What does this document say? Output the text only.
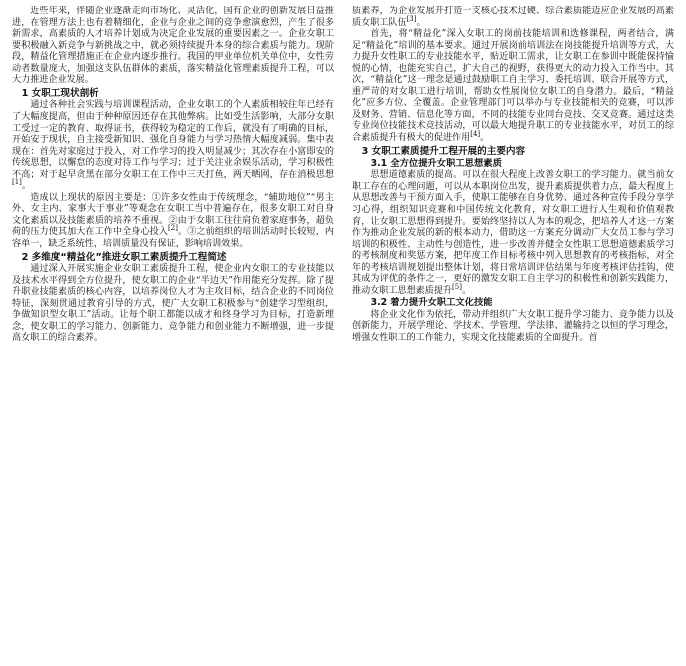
近些年来，伴随企业逐渐走向市场化、灵活化，国有企业的创新发展日益推进，在管理方法上也有着精细化，企业与企业之间的竞争愈演愈烈，产生了很多新需求，高素质的人才培养计划成为决定企业发展的重要因素之一。企业女职工要积极融入新竞争与新挑战之中，就必须持续提升本身的综合素质与能力。现阶段，精益化管理措施正在企业内逐步推行。我国的甲业单位机关单位中，女性劳动者数量庞大，加强这支队伍群体的素质，落实精益化管理素质提升工程，可以大力推进企业发展。

1 女职工现状剖析

通过各种社会实践与培训课程活动，企业女职工的个人素质相较往年已经有了大幅度提高，但由于种种原因还存在其他弊病。比如受生活影响，大部分女职工受过一定的教育、取得证书，获得较为稳定的工作后，就没有了明确的目标，开始安于现状，自主接受新知识、强化自身能力与学习热情大幅度减弱。集中表现在：首先对家庭过于投入，对工作学习的投入明显减少；其次存在小富即安的传统思想，以懈怠的态度对待工作与学习；过于关注业余娱乐活动，学习积极性不高；对于起早贪黑在部分女职工在工作中三天打鱼，两天晒网，存在消极思想[1]。

造成以上现状的原因主要是：①许多女性由于传统理念，“辅助地位”“男主外、女主内、家事大于事业”等观念在女职工当中普遍存在，很多女职工对自身文化素质以及技能素质的培养不重视。②由于女职工往往肩负着家庭事务，超负荷的压力使其加大在工作中全身心投入[2]。③之前组织的培训活动时长较短，内容单一，缺乏系统性，培训质量没有保证，影响培训效果。

2 多维度“精益化”推进女职工素质提升工程简述

通过深入开展实施企业女职工素质提升工程，使企业内女职工的专业技能以及技术水平得到全方位提升，使女职工的企业“半边天”作用能充分发挥。除了提升职业技能素质的核心内容，以培养岗位人才为主攻目标，结合企业的不同岗位特征，深刻贯通过教育引导的方式，使广大女职工积极参与“创建学习型组织，争做知识型女职工”活动。让每个职工都能以成才和终身学习为目标，打造新理念，使女职工的学习能力、创新能力、竞争能力和创业能力不断增强，进一步提高女职工的综合素养。

质素养，为企业发展开打造一支核心技术过硬、综合素质能迈应企业发展的高素质女职工队伍[3]。

首先，将“精益化”深入女职工的岗前技能培训和选修课程，两者结合，满足“精益化”培训的基本要求。通过开展岗前培训法在岗技能提升培训等方式，大力提升女性职工的专业技能水平，贴近职工需求，让女职工在参训中既能保持愉悦的心情，也能充实自己，扩大自己的视野，获得更大的动力投入工作当中。其次，“精益化”这一理念是通过鼓励职工自主学习、委托培训、联合开展等方式，重严苛的对女职工进行培训，帮助女性展岗位女职工的自身潜力。最后，“精益化”应多方位、全覆盖。企业管理部门可以举办与专业技能相关的竞赛，可以涉及财务、营销、信息化等方面，不同的技能专业同台竞技、交叉竞赛。通过这类专业岗位技能技术竞技活动，可以最大地提升职工的专业技能水平，对员工的综合素质提升有极大的促进作用[4]。

3 女职工素质提升工程开展的主要内容
3.1 全方位提升女职工思想素质

思想道德素质的提高。可以在很大程度上改善女职工的学习能力。就当前女职工存在的心理问题，可以从本职岗位出发，提升素质提供着力点，最大程度上从思想改善与干预方面入手，使职工能够在自身优势、通过各种宣传手段分享学习心得，组织知识竞赛和中国传统文化教育，对女职工进行人生观和价值观教育，让女职工思想得到提升。要始终坚持以人为本的观念，把培养人才这一方案作为推动企业发展的新的根本动力，借助这一方案充分调动广大女员工参与学习培训的积极性、主动性与创造性，进一步改善并健全女性职工思想道德素质学习的考核制度和奖惩方案，把年度工作目标考核中列入思想教育的考核指标，对全年的考核培训规划提出整体计划，将日常培训评估结果与年度考核评估挂钩，使其成为评优的条件之一，更好的激发女职工自主学习的积极性和创新实践能力，推动女职工思想素质提升[5]。

3.2 着力提升女职工文化技能

将企业文化作为依托，带动并组织广大女职工提升学习能力、竞争能力以及创新能力，开展学理论、学技术、学管理、学法律、灌输持之以恒的学习理念，增强女性职工的工作能力，实现文化技能素质的全面提升。首
